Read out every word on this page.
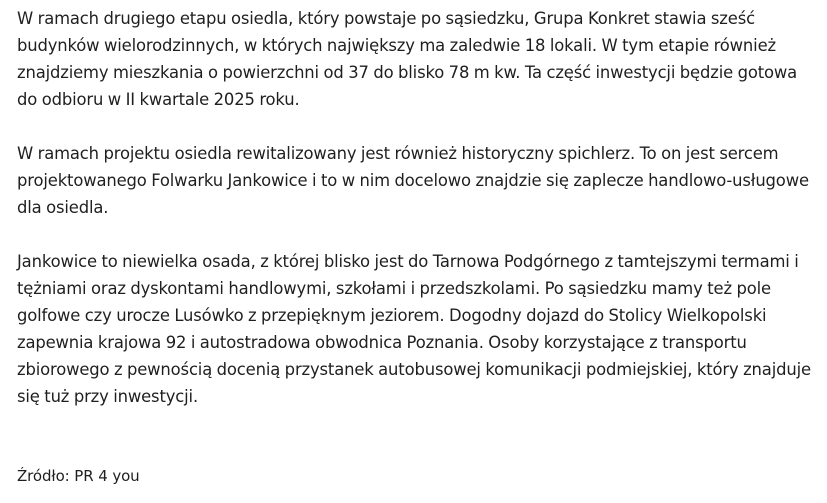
W ramach drugiego etapu osiedla, który powstaje po sąsiedzku, Grupa Konkret stawia sześć budynków wielorodzinnych, w których największy ma zaledwie 18 lokali. W tym etapie również znajdziemy mieszkania o powierzchni od 37 do blisko 78 m kw. Ta część inwestycji będzie gotowa do odbioru w II kwartale 2025 roku.

W ramach projektu osiedla rewitalizowany jest również historyczny spichlerz. To on jest sercem projektowanego Folwarku Jankowice i to w nim docelowo znajdzie się zaplecze handlowo-usługowe dla osiedla.

Jankowice to niewielka osada, z której blisko jest do Tarnowa Podgórnego z tamtejszymi termami i tężniami oraz dyskontami handlowymi, szkołami i przedszkolami. Po sąsiedzku mamy też pole golfowe czy urocze Lusówko z przepięknym jeziorem. Dogodny dojazd do Stolicy Wielkopolski zapewnia krajowa 92 i autostradowa obwodnica Poznania. Osoby korzystające z transportu zbiorowego z pewnością docenią przystanek autobusowej komunikacji podmiejskiej, który znajduje się tuż przy inwestycji.

Źródło: PR 4 you
